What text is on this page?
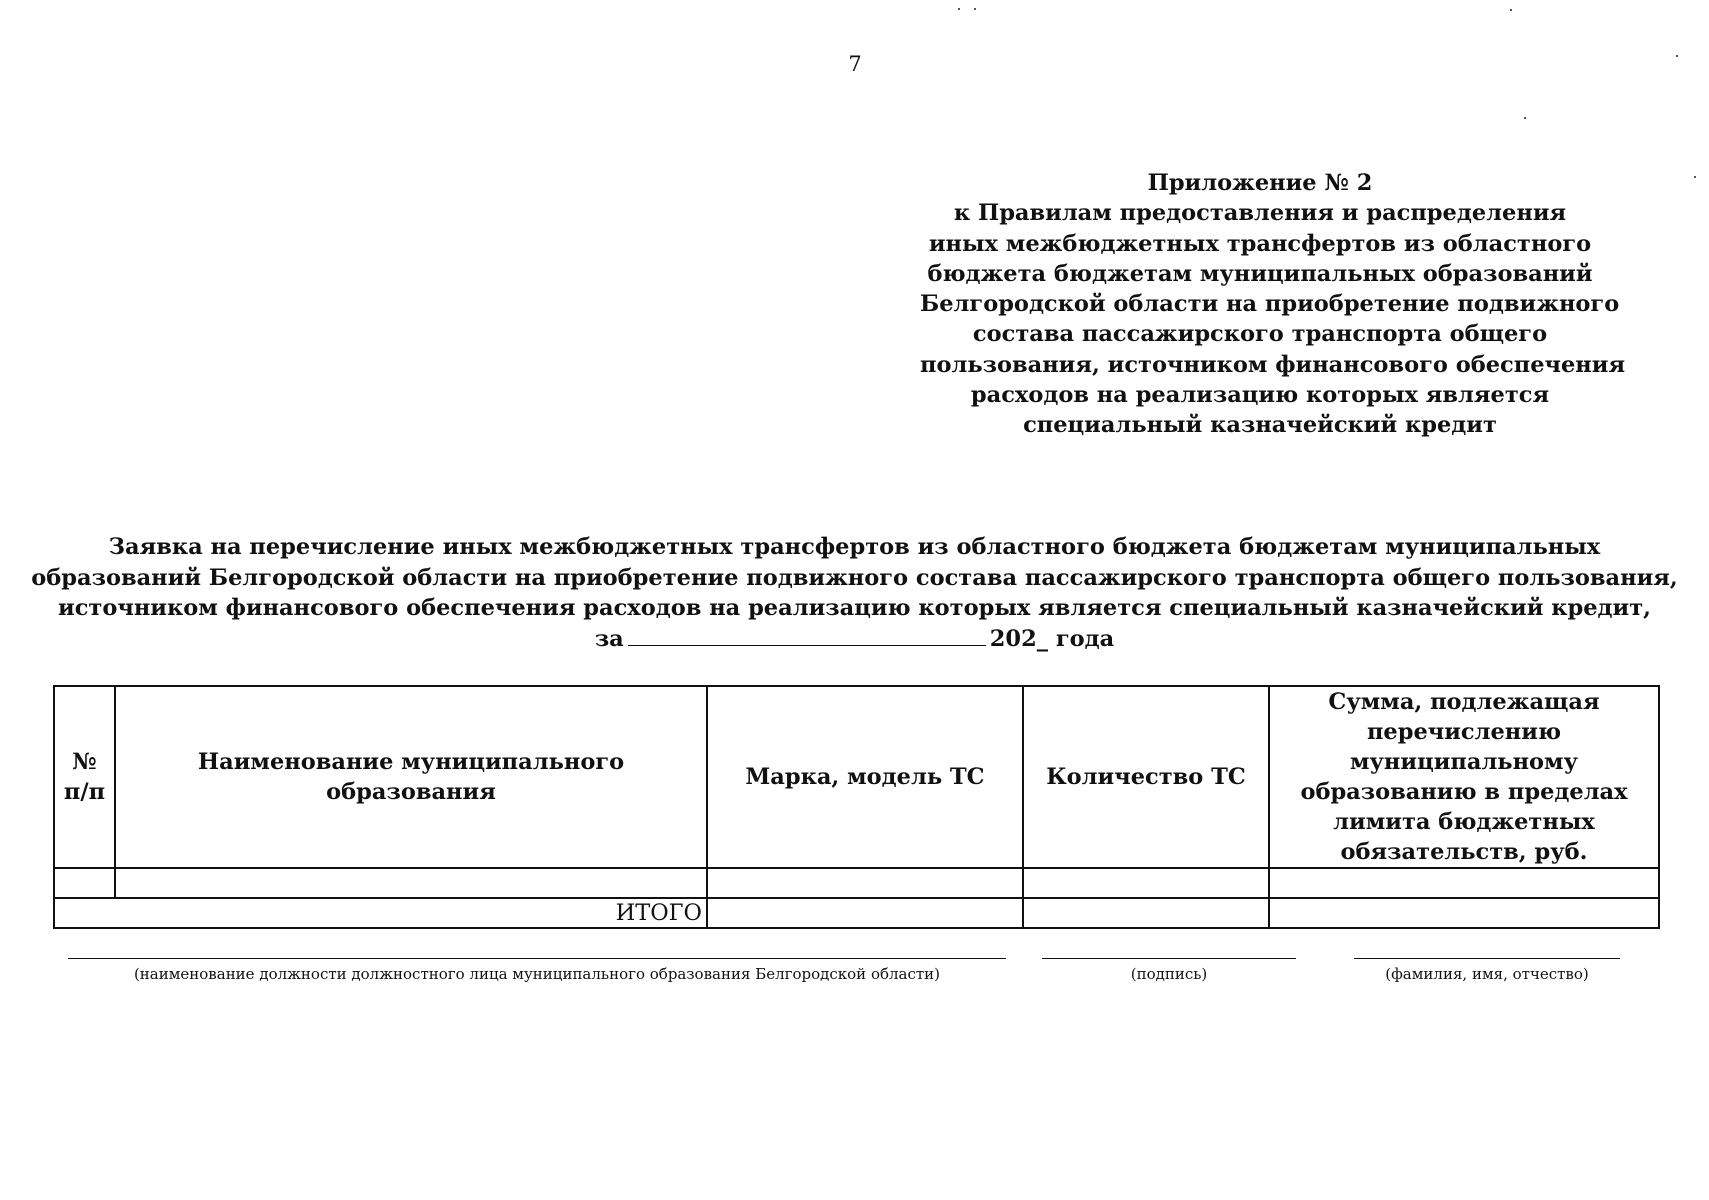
7
Приложение № 2
к Правилам предоставления и распределения
иных межбюджетных трансфертов из областного
бюджета бюджетам муниципальных образований
Белгородской области на приобретение подвижного
состава пассажирского транспорта общего
пользования, источником финансового обеспечения
расходов на реализацию которых является
специальный казначейский кредит
Заявка на перечисление иных межбюджетных трансфертов из областного бюджета бюджетам муниципальных
образований Белгородской области на приобретение подвижного состава пассажирского транспорта общего пользования,
источником финансового обеспечения расходов на реализацию которых является специальный казначейский кредит,
за	202_ года
№ п/п	Наименование муниципального образования	Марка, модель ТС	Количество ТС	Сумма, подлежащая перечислению муниципальному образованию в пределах лимита бюджетных обязательств, руб.

ИТОГО				
(наименование должности должностного лица муниципального образования Белгородской области)	(подпись)	(фамилия, имя, отчество)
